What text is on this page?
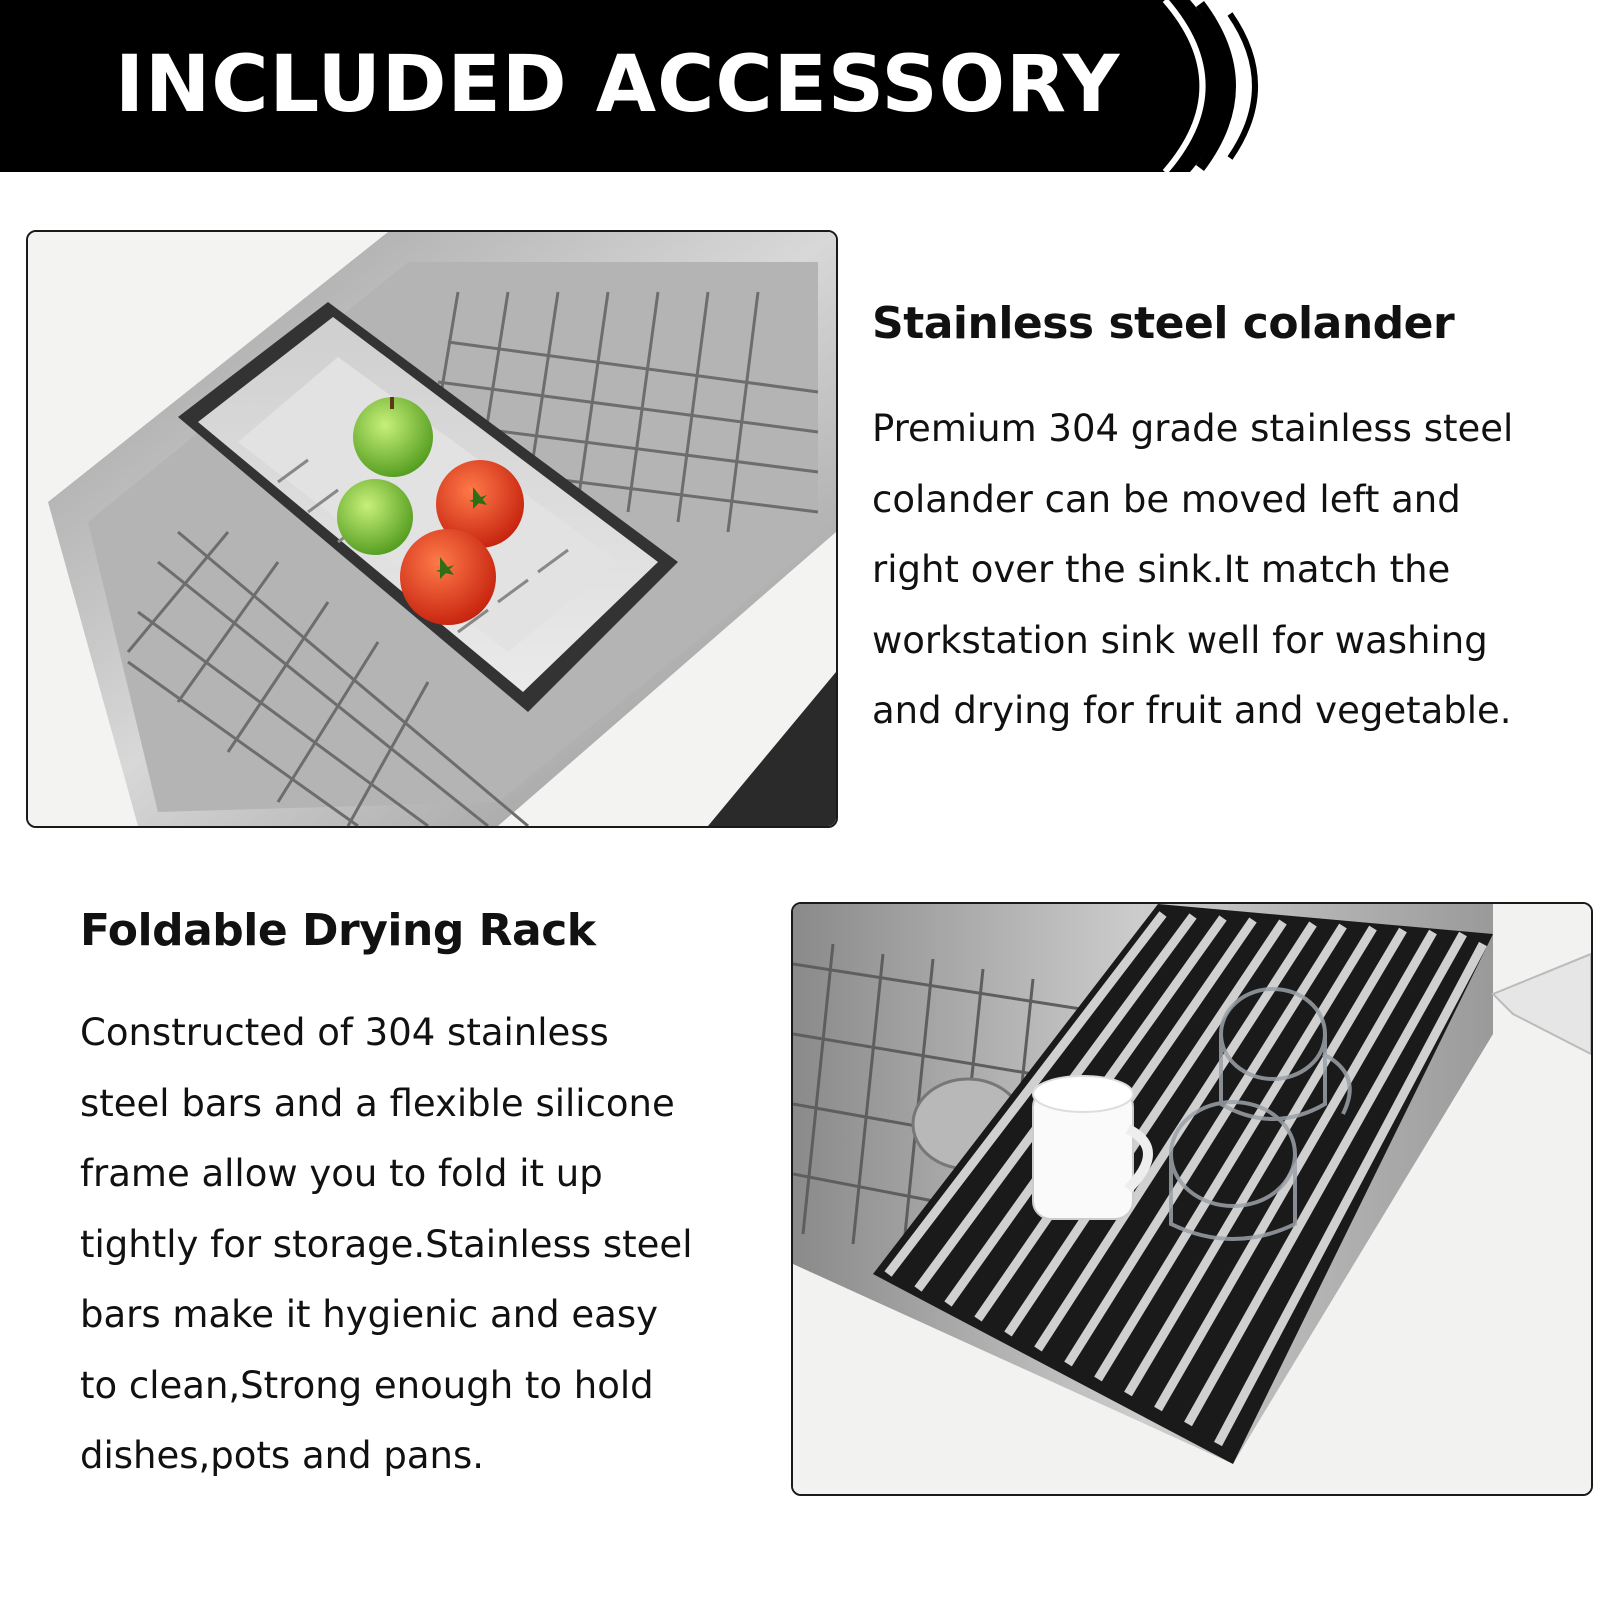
INCLUDED ACCESSORY
Stainless steel colander
Premium 304 grade stainless steel
colander can be moved left and
right over the sink.It match the
workstation sink well for washing
and drying for fruit and vegetable.
Foldable Drying Rack
Constructed of 304 stainless
steel bars and a flexible silicone
frame allow you to fold it up
tightly for storage.Stainless steel
bars make it hygienic and easy
to clean,Strong enough to hold
dishes,pots and pans.
